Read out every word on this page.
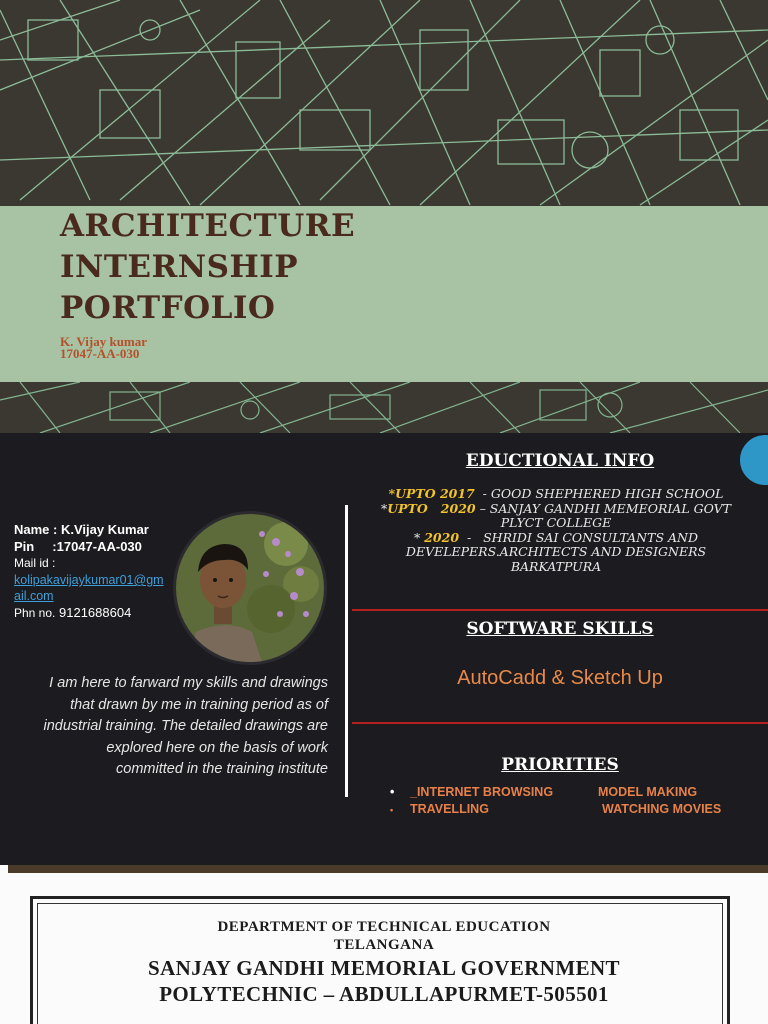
ARCHITECTURE
INTERNSHIP
PORTFOLIO
K. Vijay kumar
17047-AA-030
Name : K.Vijay Kumar
Pin     :17047-AA-030
Mail id :
kolipakavijaykumar01@gmail.com
Phn no. 9121688604
I am here to farward my skills and drawings that drawn by me in training period as of industrial training. The detailed drawings are explored here on the basis of work committed in the training institute
EDUCTIONAL INFO
*UPTO 2017  - GOOD SHEPHERED HIGH SCHOOL
*UPTO   2020 – SANJAY GANDHI MEMEORIAL GOVT PLYCT COLLEGE
* 2020  -   SHRIDI SAI CONSULTANTS AND DEVELEPERS.ARCHITECTS AND DESIGNERS BARKATPURA
SOFTWARE SKILLS
AutoCadd & Sketch Up
PRIORITIES
• _INTERNET BROWSING	MODEL MAKING
• TRAVELLING	WATCHING MOVIES
DEPARTMENT OF TECHNICAL EDUCATION
TELANGANA
SANJAY GANDHI MEMORIAL GOVERNMENT
POLYTECHNIC – ABDULLAPURMET-505501
